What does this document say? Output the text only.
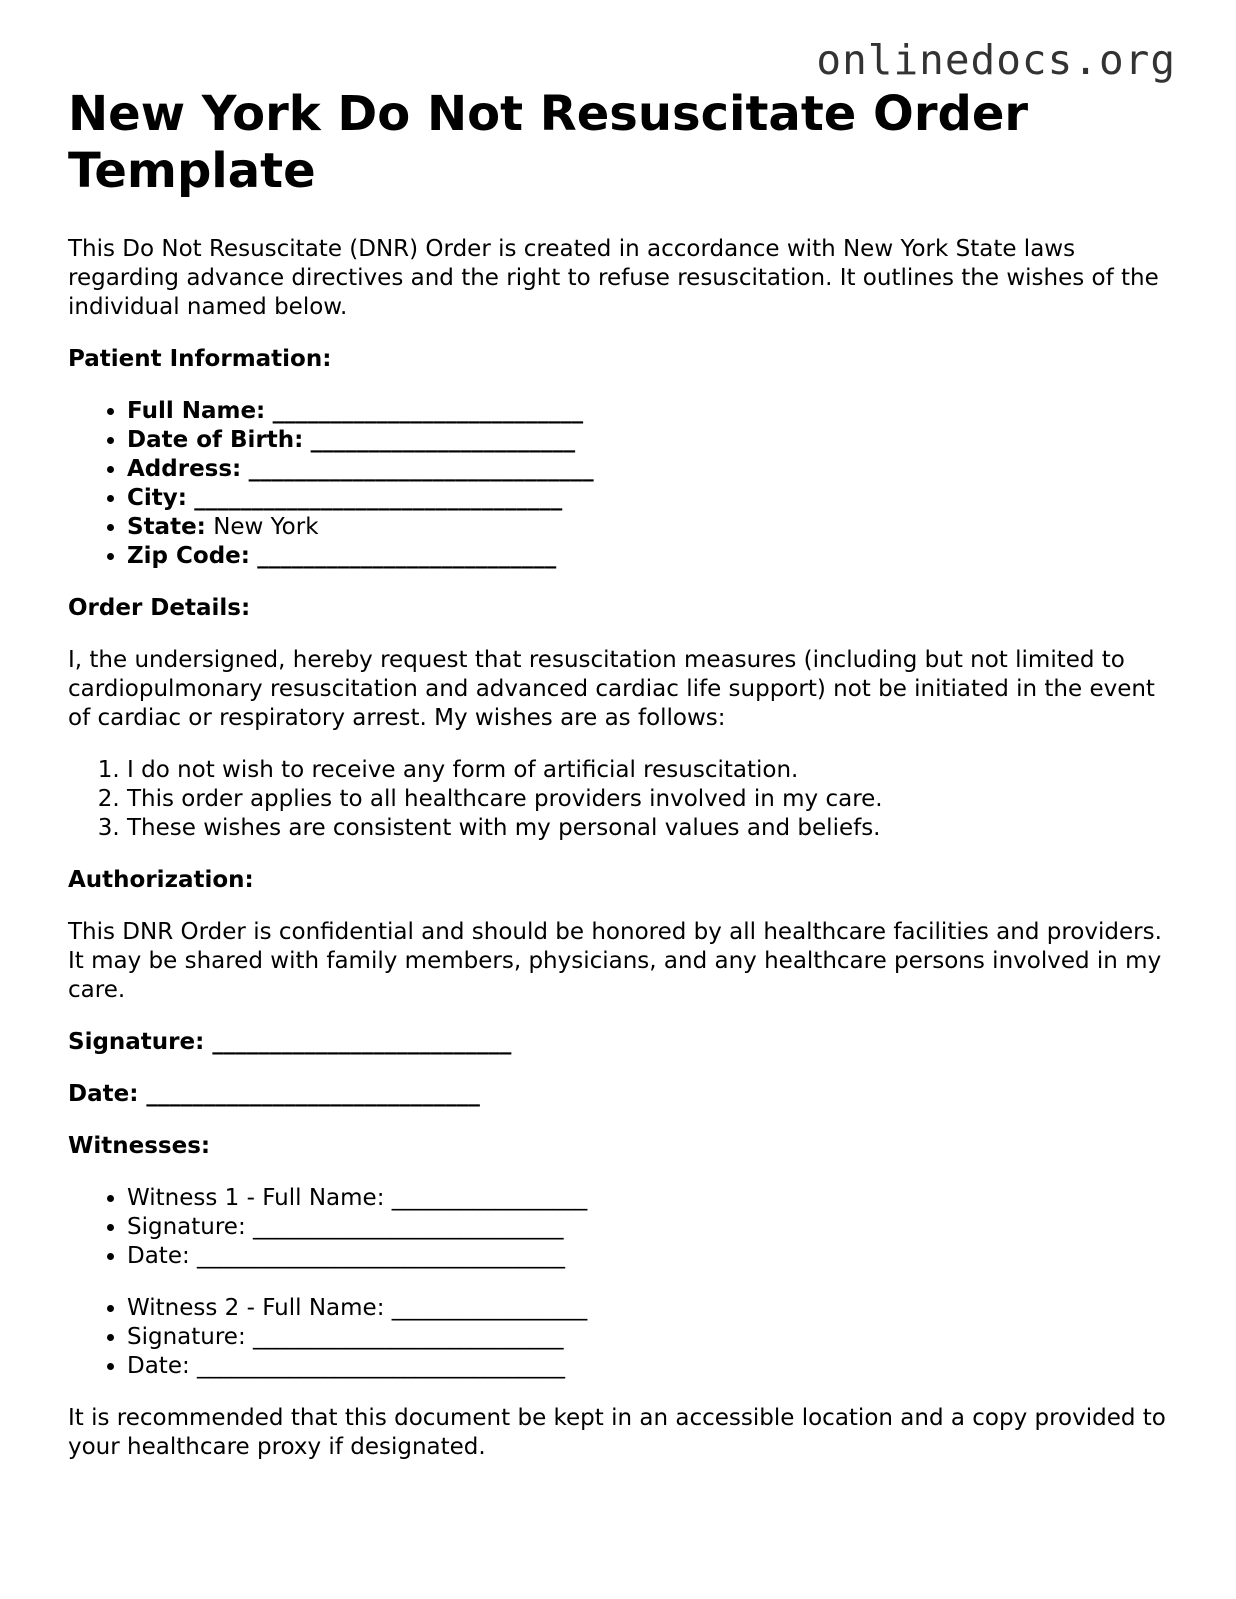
onlinedocs.org
New York Do Not Resuscitate Order Template

This Do Not Resuscitate (DNR) Order is created in accordance with New York State laws regarding advance directives and the right to refuse resuscitation. It outlines the wishes of the individual named below.

Patient Information:
• Full Name: ___________________________
• Date of Birth: _______________________
• Address: ______________________________
• City: ________________________________
• State: New York
• Zip Code: __________________________
Order Details:

I, the undersigned, hereby request that resuscitation measures (including but not limited to cardiopulmonary resuscitation and advanced cardiac life support) not be initiated in the event of cardiac or respiratory arrest. My wishes are as follows:

1. I do not wish to receive any form of artificial resuscitation.
2. This order applies to all healthcare providers involved in my care.
3. These wishes are consistent with my personal values and beliefs.
Authorization:

This DNR Order is confidential and should be honored by all healthcare facilities and providers. It may be shared with family members, physicians, and any healthcare persons involved in my care.

Signature: __________________________
Date: _____________________________
Witnesses:
• Witness 1 - Full Name: _________________
• Signature: ___________________________
• Date: ________________________________
• Witness 2 - Full Name: _________________
• Signature: ___________________________
• Date: ________________________________

It is recommended that this document be kept in an accessible location and a copy provided to your healthcare proxy if designated.
